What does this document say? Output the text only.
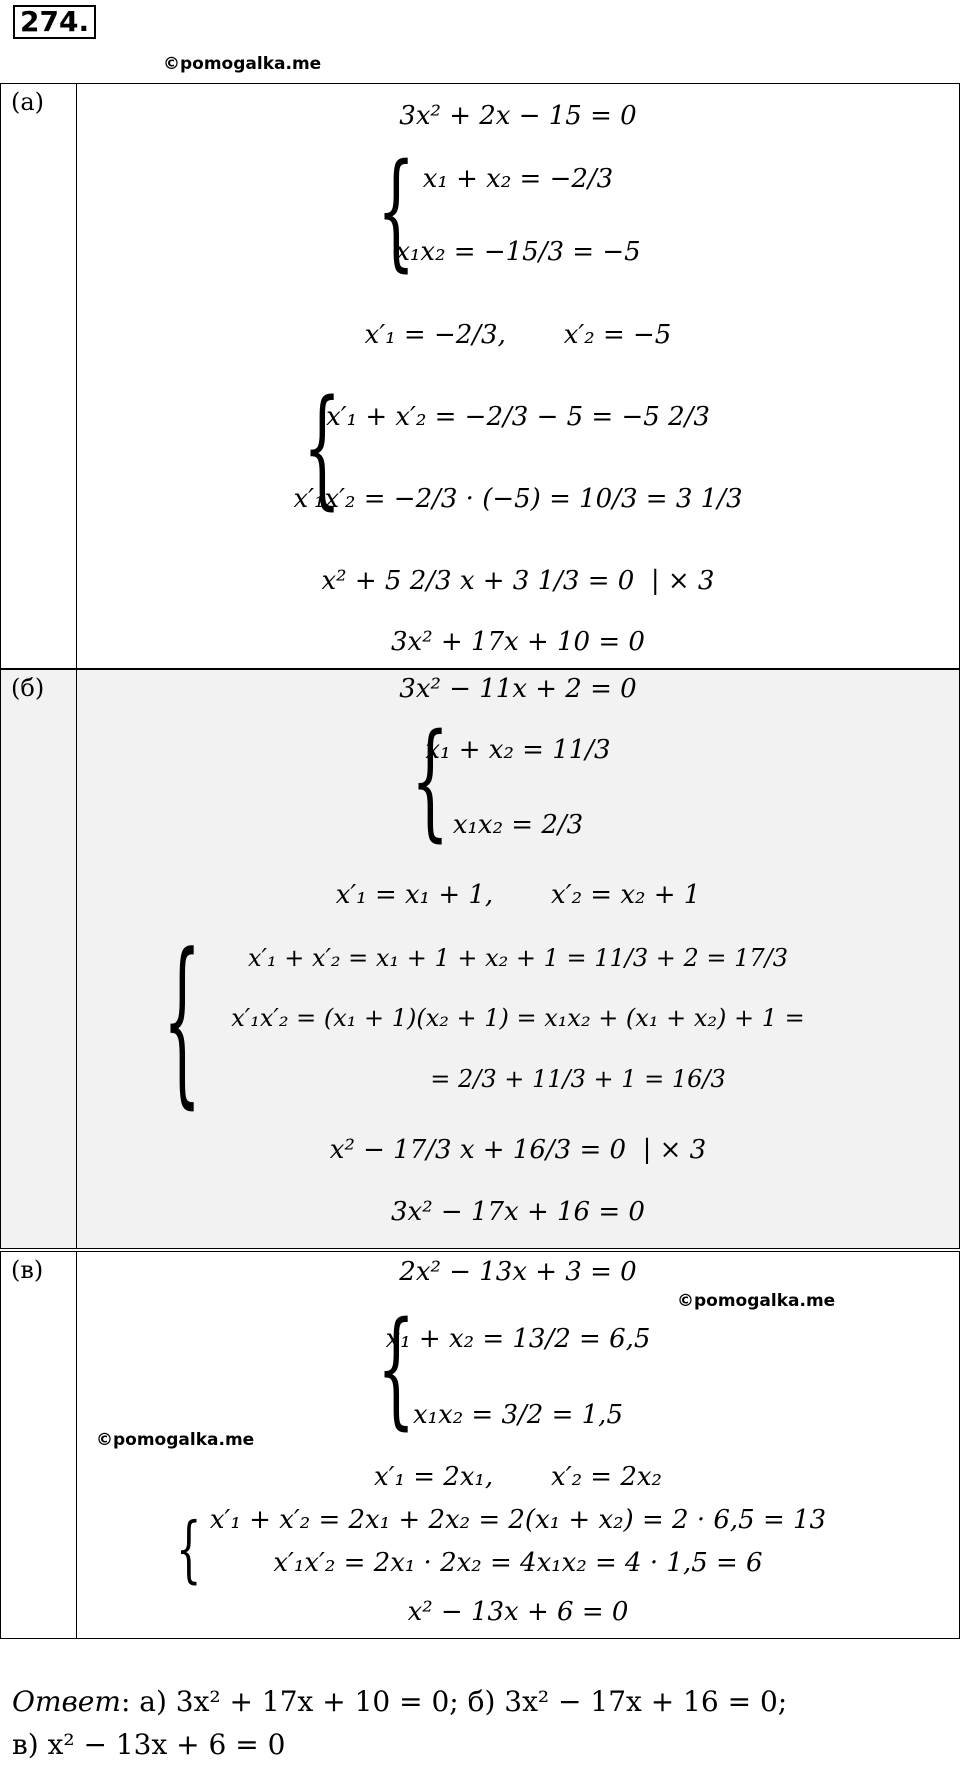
274.
©pomogalka.me
(а)	3x² + 2x − 15 = 0
{ x₁ + x₂ = −2/3
x₁x₂ = −15/3 = −5
x′₁ = −2/3,       x′₂ = −5
{
x′₁ + x′₂ = −2/3 − 5 = −5 2/3
x′₁x′₂ = −2/3 · (−5) = 10/3 = 3 1/3
x² + 5 2/3 x + 3 1/3 = 0  | × 3
3x² + 17x + 10 = 0
(б)	3x² − 11x + 2 = 0
{
x₁ + x₂ = 11/3
x₁x₂ = 2/3
x′₁ = x₁ + 1,       x′₂ = x₂ + 1
{	x′₁ + x′₂ = x₁ + 1 + x₂ + 1 = 11/3 + 2 = 17/3
x′₁x′₂ = (x₁ + 1)(x₂ + 1) = x₁x₂ + (x₁ + x₂) + 1 =
= 2/3 + 11/3 + 1 = 16/3
x² − 17/3 x + 16/3 = 0  | × 3
3x² − 17x + 16 = 0
(в)	2x² − 13x + 3 = 0
{
x₁ + x₂ = 13/2 = 6,5
x₁x₂ = 3/2 = 1,5
x′₁ = 2x₁,       x′₂ = 2x₂
{ x′₁ + x′₂ = 2x₁ + 2x₂ = 2(x₁ + x₂) = 2 · 6,5 = 13
x′₁x′₂ = 2x₁ · 2x₂ = 4x₁x₂ = 4 · 1,5 = 6
x² − 13x + 6 = 0
©pomogalka.me
©pomogalka.me
Ответ: а) 3x² + 17x + 10 = 0; б) 3x² − 17x + 16 = 0;
в) x² − 13x + 6 = 0
